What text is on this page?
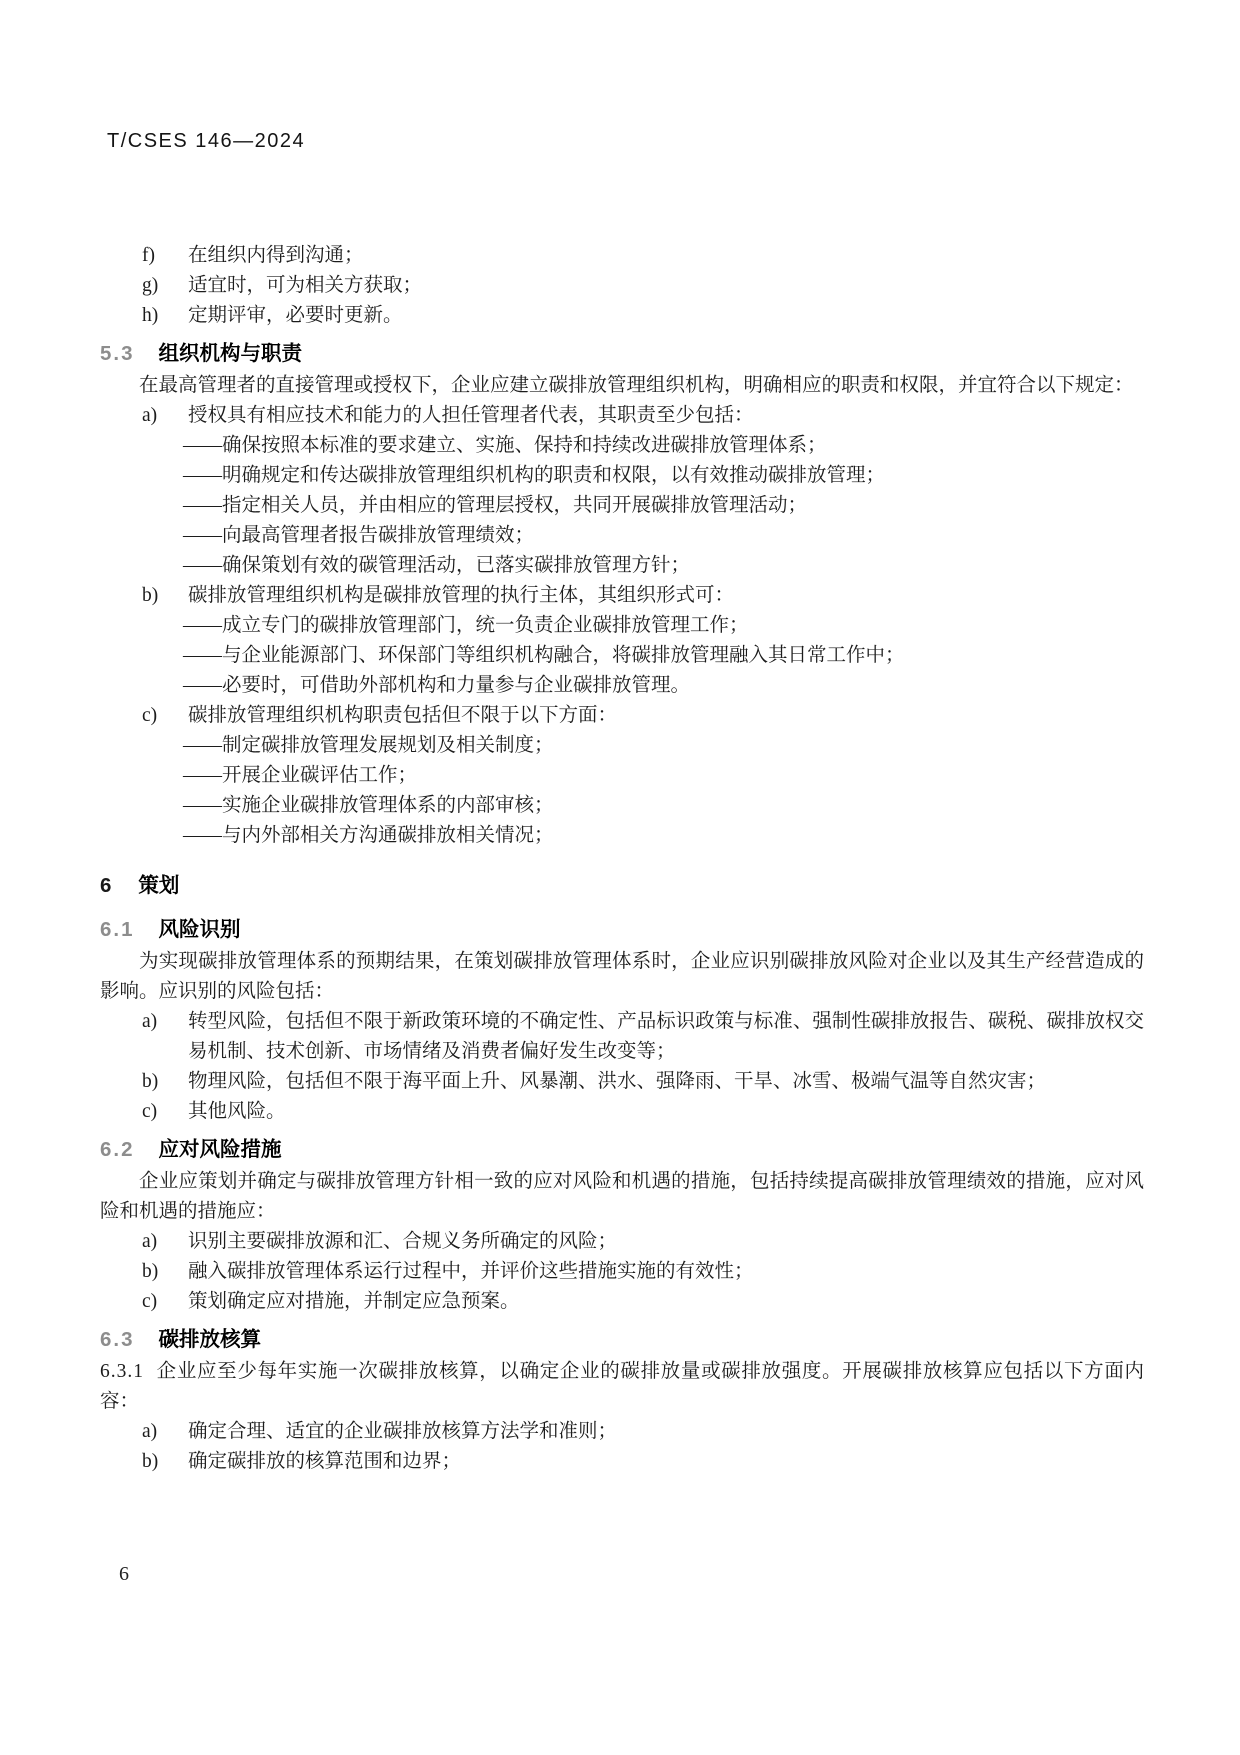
T/CSES 146—2024
f) 在组织内得到沟通；
g) 适宜时，可为相关方获取；
h) 定期评审，必要时更新。
5.3 组织机构与职责

在最高管理者的直接管理或授权下，企业应建立碳排放管理组织机构，明确相应的职责和权限，并宜符合以下规定：

a) 授权具有相应技术和能力的人担任管理者代表，其职责至少包括：
——确保按照本标准的要求建立、实施、保持和持续改进碳排放管理体系；
——明确规定和传达碳排放管理组织机构的职责和权限，以有效推动碳排放管理；
——指定相关人员，并由相应的管理层授权，共同开展碳排放管理活动；
——向最高管理者报告碳排放管理绩效；
——确保策划有效的碳管理活动，已落实碳排放管理方针；
b) 碳排放管理组织机构是碳排放管理的执行主体，其组织形式可：
——成立专门的碳排放管理部门，统一负责企业碳排放管理工作；
——与企业能源部门、环保部门等组织机构融合，将碳排放管理融入其日常工作中；
——必要时，可借助外部机构和力量参与企业碳排放管理。
c) 碳排放管理组织机构职责包括但不限于以下方面：
——制定碳排放管理发展规划及相关制度；
——开展企业碳评估工作；
——实施企业碳排放管理体系的内部审核；
——与内外部相关方沟通碳排放相关情况；
6 策划
6.1 风险识别

为实现碳排放管理体系的预期结果，在策划碳排放管理体系时，企业应识别碳排放风险对企业以及其生产经营造成的影响。应识别的风险包括：

a) 转型风险，包括但不限于新政策环境的不确定性、产品标识政策与标准、强制性碳排放报告、碳税、碳排放权交易机制、技术创新、市场情绪及消费者偏好发生改变等；
b) 物理风险，包括但不限于海平面上升、风暴潮、洪水、强降雨、干旱、冰雪、极端气温等自然灾害；
c) 其他风险。
6.2 应对风险措施

企业应策划并确定与碳排放管理方针相一致的应对风险和机遇的措施，包括持续提高碳排放管理绩效的措施，应对风险和机遇的措施应：

a) 识别主要碳排放源和汇、合规义务所确定的风险；
b) 融入碳排放管理体系运行过程中，并评价这些措施实施的有效性；
c) 策划确定应对措施，并制定应急预案。
6.3 碳排放核算

6.3.1 企业应至少每年实施一次碳排放核算，以确定企业的碳排放量或碳排放强度。开展碳排放核算应包括以下方面内容：

a) 确定合理、适宜的企业碳排放核算方法学和准则；
b) 确定碳排放的核算范围和边界；
6
